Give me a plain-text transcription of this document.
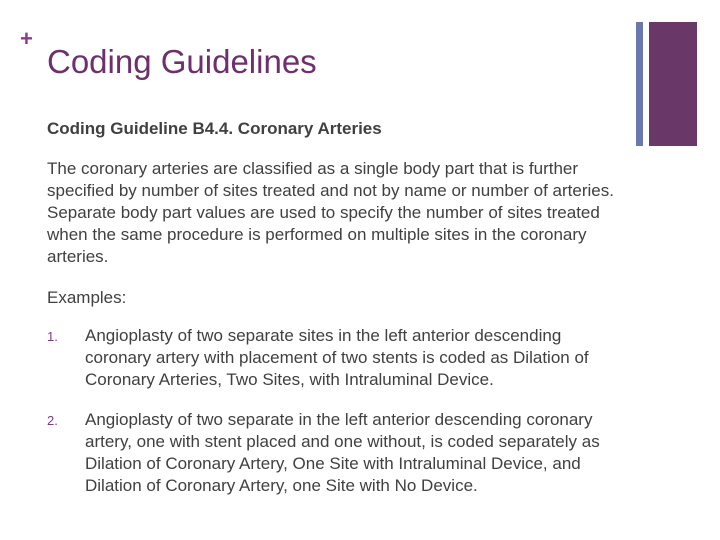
+
Coding Guidelines

Coding Guideline B4.4. Coronary Arteries

The coronary arteries are classified as a single body part that is further specified by number of sites treated and not by name or number of arteries. Separate body part values are used to specify the number of sites treated when the same procedure is performed on multiple sites in the coronary arteries.

Examples:

1. Angioplasty of two separate sites in the left anterior descending coronary artery with placement of two stents is coded as Dilation of Coronary Arteries, Two Sites, with Intraluminal Device.
2. Angioplasty of two separate in the left anterior descending coronary artery, one with stent placed and one without, is coded separately as Dilation of Coronary Artery, One Site with Intraluminal Device, and Dilation of Coronary Artery, one Site with No Device.
